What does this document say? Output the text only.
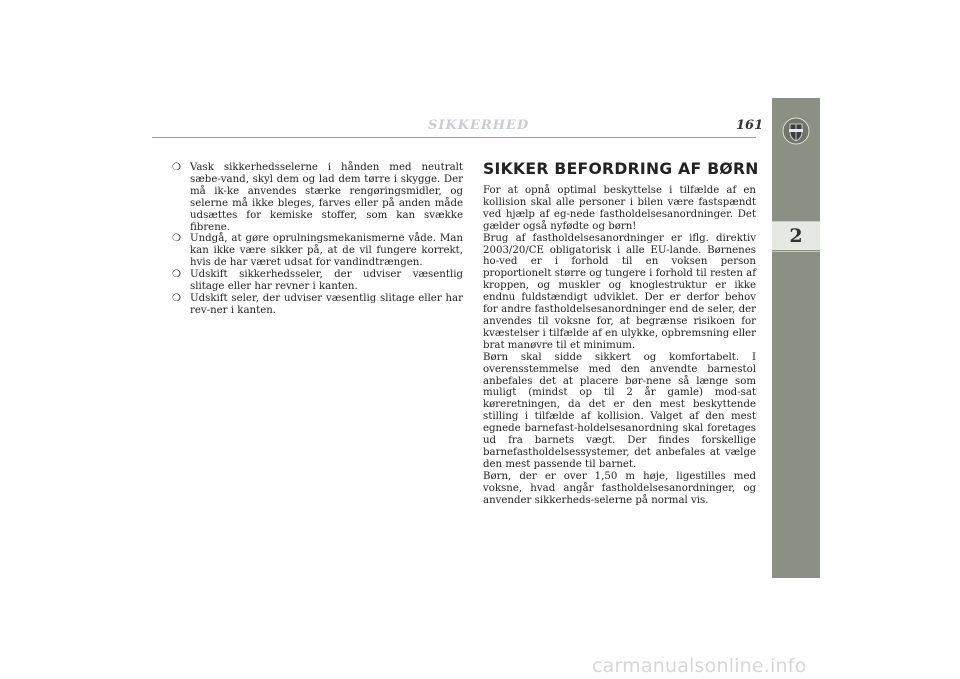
SIKKERHED	161
2
❍ Vask sikkerhedsselerne i hånden med neutralt sæbe-vand, skyl dem og lad dem tørre i skygge. Der må ik-ke anvendes stærke rengøringsmidler, og selerne må ikke bleges, farves eller på anden måde udsættes for kemiske stoffer, som kan svække fibrene.
❍ Undgå, at gøre oprulningsmekanismerne våde. Man kan ikke være sikker på, at de vil fungere korrekt, hvis de har været udsat for vandindtrængen.
❍ Udskift sikkerhedsseler, der udviser væsentlig slitage eller har revner i kanten.
❍ Udskift seler, der udviser væsentlig slitage eller har rev-ner i kanten.
SIKKER BEFORDRING AF BØRN

For at opnå optimal beskyttelse i tilfælde af en kollision skal alle personer i bilen være fastspændt ved hjælp af eg-nede fastholdelsesanordninger. Det gælder også nyfødte og børn!

Brug af fastholdelsesanordninger er iflg. direktiv 2003/20/CE obligatorisk i alle EU-lande. Børnenes ho-ved er i forhold til en voksen person proportionelt større og tungere i forhold til resten af kroppen, og muskler og knoglestruktur er ikke endnu fuldstændigt udviklet. Der er derfor behov for andre fastholdelsesanordninger end de seler, der anvendes til voksne for, at begrænse risikoen for kvæstelser i tilfælde af en ulykke, opbremsning eller brat manøvre til et minimum.

Børn skal sidde sikkert og komfortabelt. I overensstemmelse med den anvendte barnestol anbefales det at placere bør-nene så længe som muligt (mindst op til 2 år gamle) mod-sat køreretningen, da det er den mest beskyttende stilling i tilfælde af kollision. Valget af den mest egnede barnefast-holdelsesanordning skal foretages ud fra barnets vægt. Der findes forskellige barnefastholdelsessystemer, det anbefales at vælge den mest passende til barnet.

Børn, der er over 1,50 m høje, ligestilles med voksne, hvad angår fastholdelsesanordninger, og anvender sikkerheds-selerne på normal vis.

carmanualsonline.info
